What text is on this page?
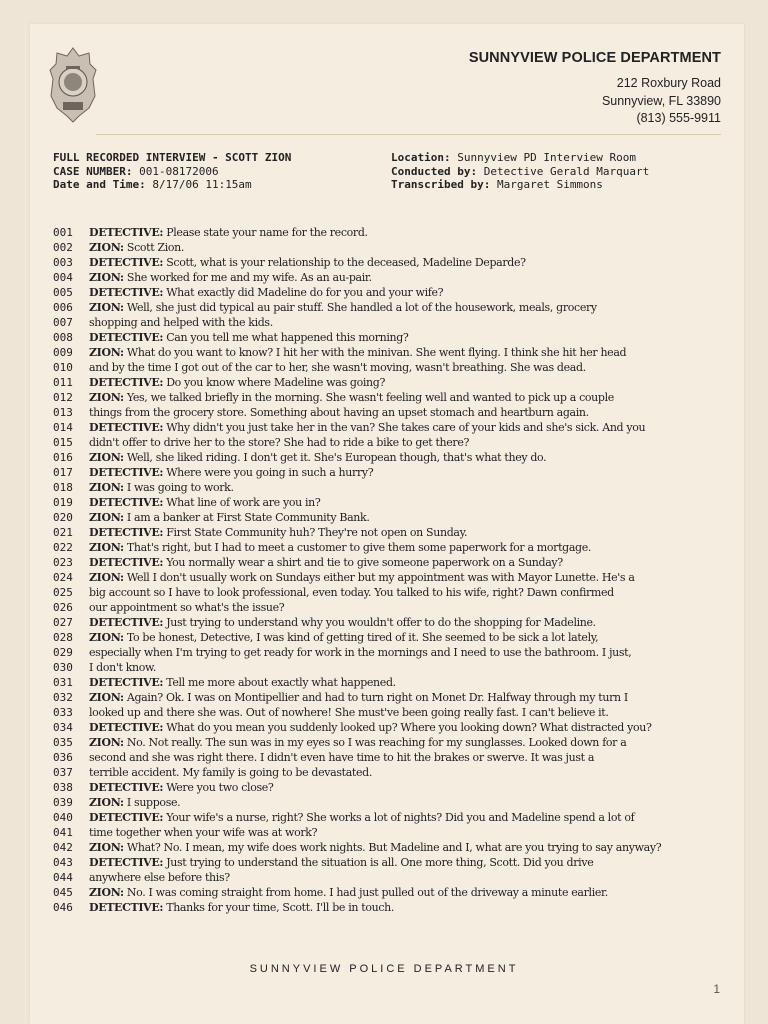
SUNNYVIEW POLICE DEPARTMENT
212 Roxbury Road
Sunnyview, FL 33890
(813) 555-9911
FULL RECORDED INTERVIEW - SCOTT ZION
CASE NUMBER: 001-08172006
Date and Time: 8/17/06 11:15am
Location: Sunnyview PD Interview Room
Conducted by: Detective Gerald Marquart
Transcribed by: Margaret Simmons
001	DETECTIVE: Please state your name for the record.
002	ZION: Scott Zion.
003	DETECTIVE: Scott, what is your relationship to the deceased, Madeline Deparde?
004	ZION: She worked for me and my wife. As an au-pair.
005	DETECTIVE: What exactly did Madeline do for you and your wife?
006	ZION: Well, she just did typical au pair stuff. She handled a lot of the housework, meals, grocery
007	shopping and helped with the kids.
008	DETECTIVE: Can you tell me what happened this morning?
009	ZION: What do you want to know? I hit her with the minivan. She went flying. I think she hit her head
010	and by the time I got out of the car to her, she wasn't moving, wasn't breathing. She was dead.
011	DETECTIVE: Do you know where Madeline was going?
012	ZION: Yes, we talked briefly in the morning. She wasn't feeling well and wanted to pick up a couple
013	things from the grocery store. Something about having an upset stomach and heartburn again.
014	DETECTIVE: Why didn't you just take her in the van? She takes care of your kids and she's sick. And you
015	didn't offer to drive her to the store? She had to ride a bike to get there?
016	ZION: Well, she liked riding. I don't get it. She's European though, that's what they do.
017	DETECTIVE: Where were you going in such a hurry?
018	ZION: I was going to work.
019	DETECTIVE: What line of work are you in?
020	ZION: I am a banker at First State Community Bank.
021	DETECTIVE: First State Community huh? They're not open on Sunday.
022	ZION: That's right, but I had to meet a customer to give them some paperwork for a mortgage.
023	DETECTIVE: You normally wear a shirt and tie to give someone paperwork on a Sunday?
024	ZION: Well I don't usually work on Sundays either but my appointment was with Mayor Lunette. He's a
025	big account so I have to look professional, even today. You talked to his wife, right? Dawn confirmed
026	our appointment so what's the issue?
027	DETECTIVE: Just trying to understand why you wouldn't offer to do the shopping for Madeline.
028	ZION: To be honest, Detective, I was kind of getting tired of it. She seemed to be sick a lot lately,
029	especially when I'm trying to get ready for work in the mornings and I need to use the bathroom. I just,
030	I don't know.
031	DETECTIVE: Tell me more about exactly what happened.
032	ZION: Again? Ok. I was on Montipellier and had to turn right on Monet Dr. Halfway through my turn I
033	looked up and there she was. Out of nowhere! She must've been going really fast. I can't believe it.
034	DETECTIVE: What do you mean you suddenly looked up? Where you looking down? What distracted you?
035	ZION: No. Not really. The sun was in my eyes so I was reaching for my sunglasses. Looked down for a
036	second and she was right there. I didn't even have time to hit the brakes or swerve. It was just a
037	terrible accident. My family is going to be devastated.
038	DETECTIVE: Were you two close?
039	ZION: I suppose.
040	DETECTIVE: Your wife's a nurse, right? She works a lot of nights? Did you and Madeline spend a lot of
041	time together when your wife was at work?
042	ZION: What? No. I mean, my wife does work nights. But Madeline and I, what are you trying to say anyway?
043	DETECTIVE: Just trying to understand the situation is all. One more thing, Scott. Did you drive
044	anywhere else before this?
045	ZION: No. I was coming straight from home. I had just pulled out of the driveway a minute earlier.
046	DETECTIVE: Thanks for your time, Scott. I'll be in touch.
SUNNYVIEW POLICE DEPARTMENT
1
